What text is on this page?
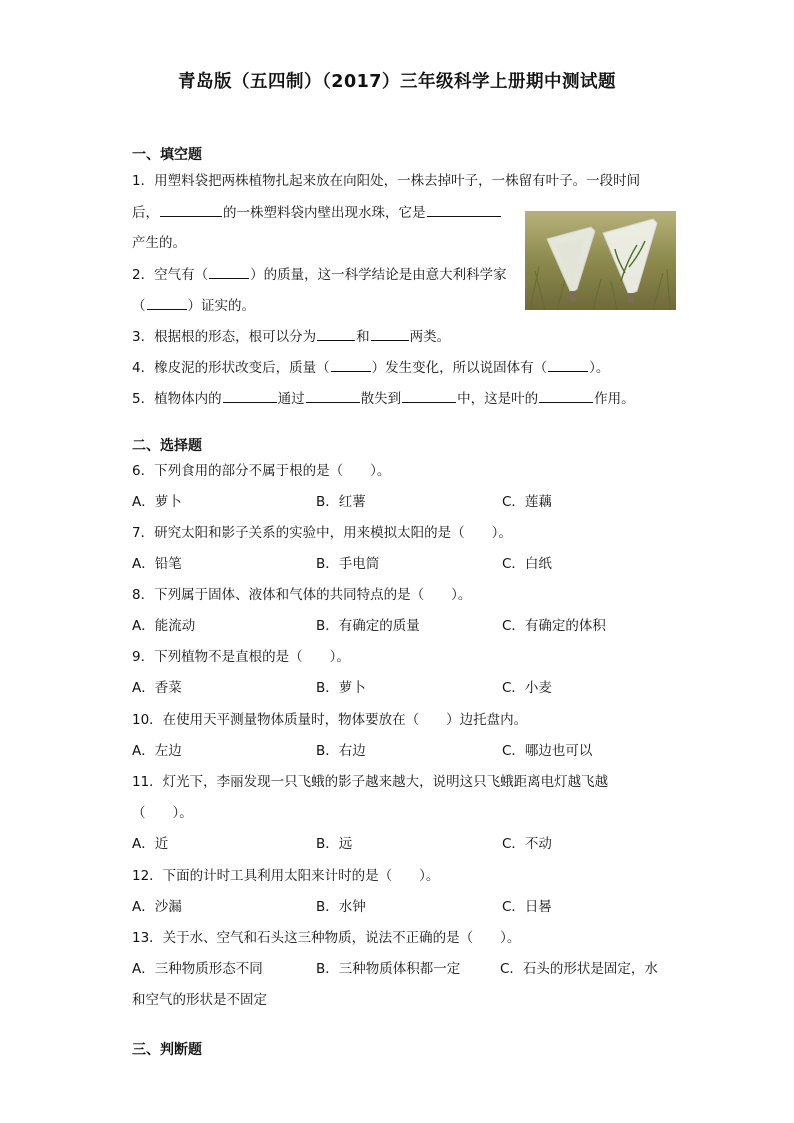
青岛版（五四制）（2017）三年级科学上册期中测试题
一、填空题
1．用塑料袋把两株植物扎起来放在向阳处，一株去掉叶子，一株留有叶子。一段时间
后，	的一株塑料袋内壁出现水珠，它是
产生的。
2．空气有（	）的质量，这一科学结论是由意大利科学家
（	）证实的。
3．根据根的形态，根可以分为	和	两类。
4．橡皮泥的形状改变后，质量（	）发生变化，所以说固体有（	）。
5．植物体内的	通过	散失到	中，这是叶的	作用。
二、选择题
6．下列食用的部分不属于根的是（　　）。
A．萝卜	B．红薯	C．莲藕
7．研究太阳和影子关系的实验中，用来模拟太阳的是（　　）。
A．铅笔	B．手电筒	C．白纸
8．下列属于固体、液体和气体的共同特点的是（　　）。
A．能流动	B．有确定的质量	C．有确定的体积
9．下列植物不是直根的是（　　）。
A．香菜	B．萝卜	C．小麦
10．在使用天平测量物体质量时，物体要放在（　　）边托盘内。
A．左边	B．右边	C．哪边也可以
11．灯光下，李丽发现一只飞蛾的影子越来越大，说明这只飞蛾距离电灯越飞越
（　　）。
A．近	B．远	C．不动
12．下面的计时工具利用太阳来计时的是（　　）。
A．沙漏	B．水钟	C．日晷
13．关于水、空气和石头这三种物质，说法不正确的是（　　）。
A．三种物质形态不同	B．三种物质体积都一定	C．石头的形状是固定，水
和空气的形状是不固定
三、判断题
